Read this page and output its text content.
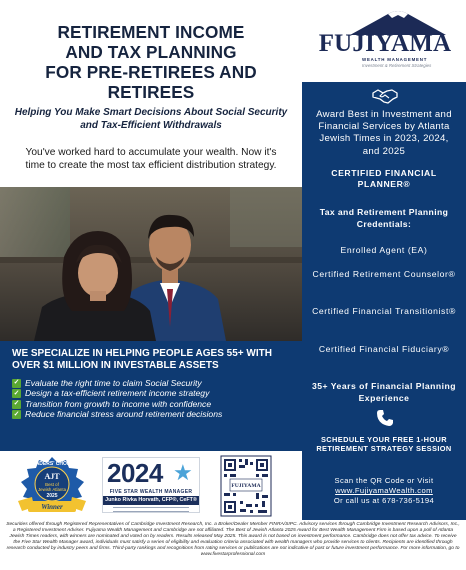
RETIREMENT INCOME
AND TAX PLANNING
FOR PRE-RETIREES AND
RETIREES
Helping You Make Smart Decisions About Social Security and Tax-Efficient Withdrawals
You've worked hard to accumulate your wealth. Now it's time to create the most tax efficient distribution strategy.
WE SPECIALIZE IN HELPING PEOPLE AGES 55+ WITH OVER $1 MILLION IN INVESTABLE ASSETS
✓ Evaluate the right time to claim Social Security
✓ Design a tax-efficient retirement income strategy
✓ Transition from growth to income with confidence
✓ Reduce financial stress around retirement decisions
READERS' CHOICE
AJT
Best of
Jewish Atlanta
2025
Winner
2024 ★
FIVE STAR WEALTH MANAGER
Junko Rivka Horvath, CFP®, CeFT®
FUJIYAMA
FUJIYAMA
WEALTH MANAGEMENT
Investment & Retirement Strategies
Award Best in Investment and Financial Services by Atlanta Jewish Times in 2023, 2024, and 2025
CERTIFIED FINANCIAL PLANNER®
Tax and Retirement Planning Credentials:
Enrolled Agent (EA)
Certified Retirement Counselor®
Certified Financial Transitionist®
Certified Financial Fiduciary®
35+ Years of Financial Planning Experience
SCHEDULE YOUR FREE 1-HOUR RETIREMENT STRATEGY SESSION
Scan the QR Code or Visit
www.FujiyamaWealth.com
Or call us at 678-736-5194
Securities offered through Registered Representatives of Cambridge Investment Research, Inc. a Broker/Dealer Member FINRA/SIPC. Advisory services through Cambridge Investment Research Advisors, Inc., a Registered Investment Adviser. Fujiyama Wealth Management and Cambridge are not affiliated. The Best of Jewish Atlanta 2025 Award for Best Wealth Management Firm is based upon a poll of Atlanta Jewish Times readers, with winners are nominated and voted on by readers. Results released May 2025. This award is not based on investment performance. Cambridge does not offer tax advice. To receive the Five Star Wealth Manager award, individuals must satisfy a series of eligibility and evaluation criteria associated with wealth managers who provide services to clients. Recipients are identified through research conducted by industry peers and firms. Third-party rankings and recognitions from rating services or publications are not indicative of past or future investment performance. For more information, go to www.fivestarprofessional.com
